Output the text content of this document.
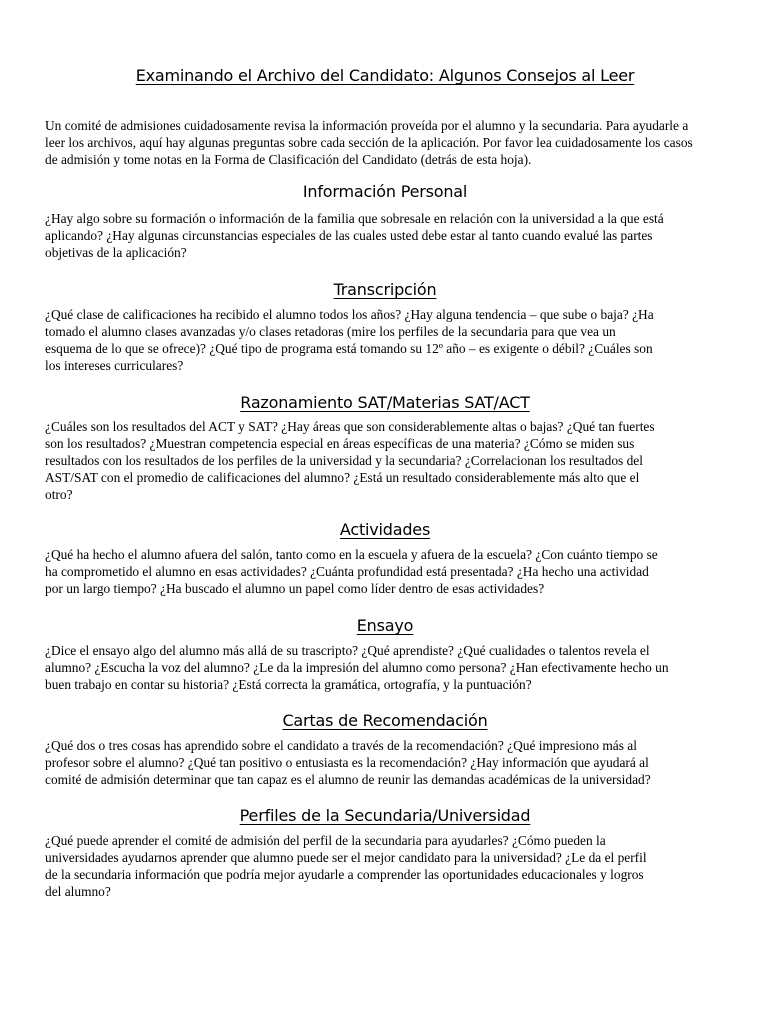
Examinando el Archivo del Candidato: Algunos Consejos al Leer

Un comité de admisiones cuidadosamente revisa la información proveída por el alumno y la secundaria. Para ayudarle a
leer los archivos, aquí hay algunas preguntas sobre cada sección de la aplicación. Por favor lea cuidadosamente los casos
de admisión y tome notas en la Forma de Clasificación del Candidato (detrás de esta hoja).

Información Personal

¿Hay algo sobre su formación o información de la familia que sobresale en relación con la universidad a la que está
aplicando? ¿Hay algunas circunstancias especiales de las cuales usted debe estar al tanto cuando evalué las partes
objetivas de la aplicación?

Transcripción

¿Qué clase de calificaciones ha recibido el alumno todos los años? ¿Hay alguna tendencia – que sube o baja? ¿Ha
tomado el alumno clases avanzadas y/o clases retadoras (mire los perfiles de la secundaria para que vea un
esquema de lo que se ofrece)? ¿Qué tipo de programa está tomando su 12º año – es exigente o débil? ¿Cuáles son
los intereses curriculares?

Razonamiento SAT/Materias SAT/ACT

¿Cuáles son los resultados del ACT y SAT? ¿Hay áreas que son considerablemente altas o bajas? ¿Qué tan fuertes
son los resultados? ¿Muestran competencia especial en áreas específicas de una materia? ¿Cómo se miden sus
resultados con los resultados de los perfiles de la universidad y la secundaria? ¿Correlacionan los resultados del
AST/SAT con el promedio de calificaciones del alumno? ¿Está un resultado considerablemente más alto que el
otro?

Actividades

¿Qué ha hecho el alumno afuera del salón, tanto como en la escuela y afuera de la escuela? ¿Con cuánto tiempo se
ha comprometido el alumno en esas actividades? ¿Cuánta profundidad está presentada? ¿Ha hecho una actividad
por un largo tiempo? ¿Ha buscado el alumno un papel como líder dentro de esas actividades?

Ensayo

¿Dice el ensayo algo del alumno más allá de su trascripto? ¿Qué aprendiste? ¿Qué cualidades o talentos revela el
alumno? ¿Escucha la voz del alumno? ¿Le da la impresión del alumno como persona? ¿Han efectivamente hecho un
buen trabajo en contar su historia? ¿Está correcta la gramática, ortografía, y la puntuación?

Cartas de Recomendación

¿Qué dos o tres cosas has aprendido sobre el candidato a través de la recomendación? ¿Qué impresiono más al
profesor sobre el alumno? ¿Qué tan positivo o entusiasta es la recomendación? ¿Hay información que ayudará al
comité de admisión determinar que tan capaz es el alumno de reunir las demandas académicas de la universidad?

Perfiles de la Secundaria/Universidad

¿Qué puede aprender el comité de admisión del perfil de la secundaria para ayudarles? ¿Cómo pueden la
universidades ayudarnos aprender que alumno puede ser el mejor candidato para la universidad? ¿Le da el perfil
de la secundaria información que podría mejor ayudarle a comprender las oportunidades educacionales y logros
del alumno?
